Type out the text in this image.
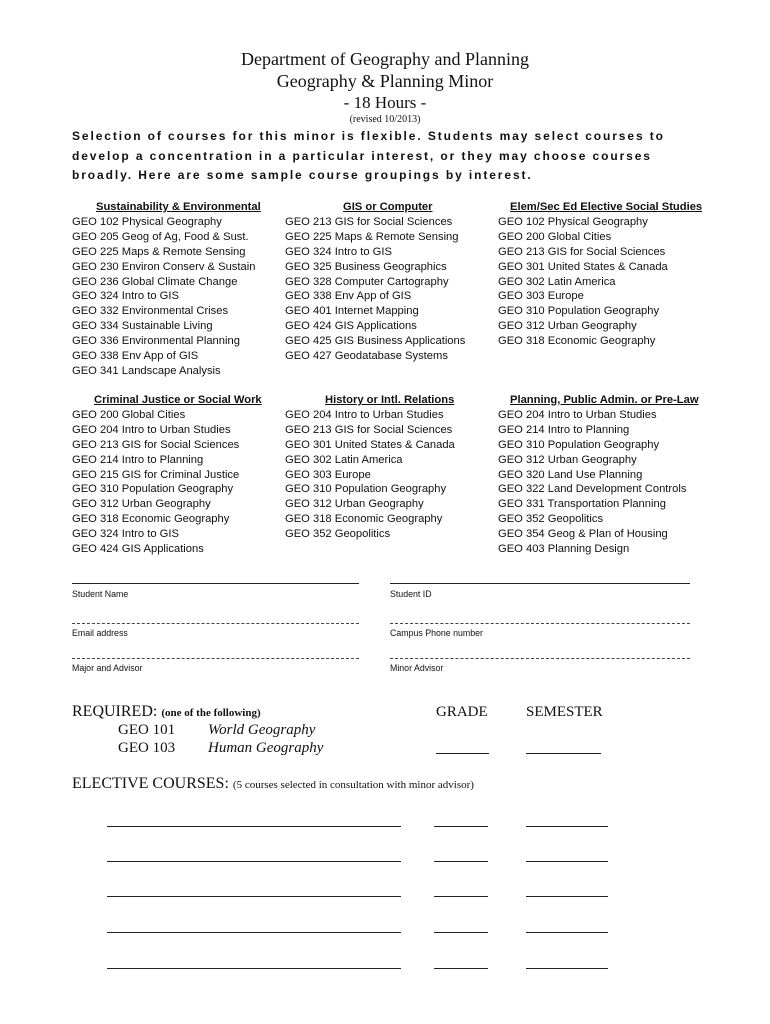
Department of Geography and Planning
Geography & Planning Minor
- 18 Hours -
(revised 10/2013)
Selection of courses for this minor is flexible. Students may select courses to develop a concentration in a particular interest, or they may choose courses broadly. Here are some sample course groupings by interest.
Sustainability & Environmental
GEO 102 Physical Geography
GEO 205 Geog of Ag, Food & Sust.
GEO 225 Maps & Remote Sensing
GEO 230 Environ Conserv & Sustain
GEO 236 Global Climate Change
GEO 324 Intro to GIS
GEO 332 Environmental Crises
GEO 334 Sustainable Living
GEO 336 Environmental Planning
GEO 338 Env App of GIS
GEO 341 Landscape Analysis
GIS or Computer
GEO 213 GIS for Social Sciences
GEO 225 Maps & Remote Sensing
GEO 324 Intro to GIS
GEO 325 Business Geographics
GEO 328 Computer Cartography
GEO 338 Env App of GIS
GEO 401 Internet Mapping
GEO 424 GIS Applications
GEO 425 GIS Business Applications
GEO 427 Geodatabase Systems
Elem/Sec Ed Elective Social Studies
GEO 102 Physical Geography
GEO 200 Global Cities
GEO 213 GIS for Social Sciences
GEO 301 United States & Canada
GEO 302 Latin America
GEO 303 Europe
GEO 310 Population Geography
GEO 312 Urban Geography
GEO 318 Economic Geography
Criminal Justice or Social Work
GEO 200 Global Cities
GEO 204 Intro to Urban Studies
GEO 213 GIS for Social Sciences
GEO 214 Intro to Planning
GEO 215 GIS for Criminal Justice
GEO 310 Population Geography
GEO 312 Urban Geography
GEO 318 Economic Geography
GEO 324 Intro to GIS
GEO 424 GIS Applications
History or Intl. Relations
GEO 204 Intro to Urban Studies
GEO 213 GIS for Social Sciences
GEO 301 United States & Canada
GEO 302 Latin America
GEO 303 Europe
GEO 310 Population Geography
GEO 312 Urban Geography
GEO 318 Economic Geography
GEO 352 Geopolitics
Planning, Public Admin. or Pre-Law
GEO 204 Intro to Urban Studies
GEO 214 Intro to Planning
GEO 310 Population Geography
GEO 312 Urban Geography
GEO 320 Land Use Planning
GEO 322 Land Development Controls
GEO 331 Transportation Planning
GEO 352 Geopolitics
GEO 354 Geog & Plan of Housing
GEO 403 Planning Design
Student Name	Student ID
Email address	Campus Phone number
Major and Advisor	Minor Advisor
REQUIRED: (one of the following)	GRADE	SEMESTER
GEO 101 World Geography
GEO 103 Human Geography
ELECTIVE COURSES: (5 courses selected in consultation with minor advisor)
